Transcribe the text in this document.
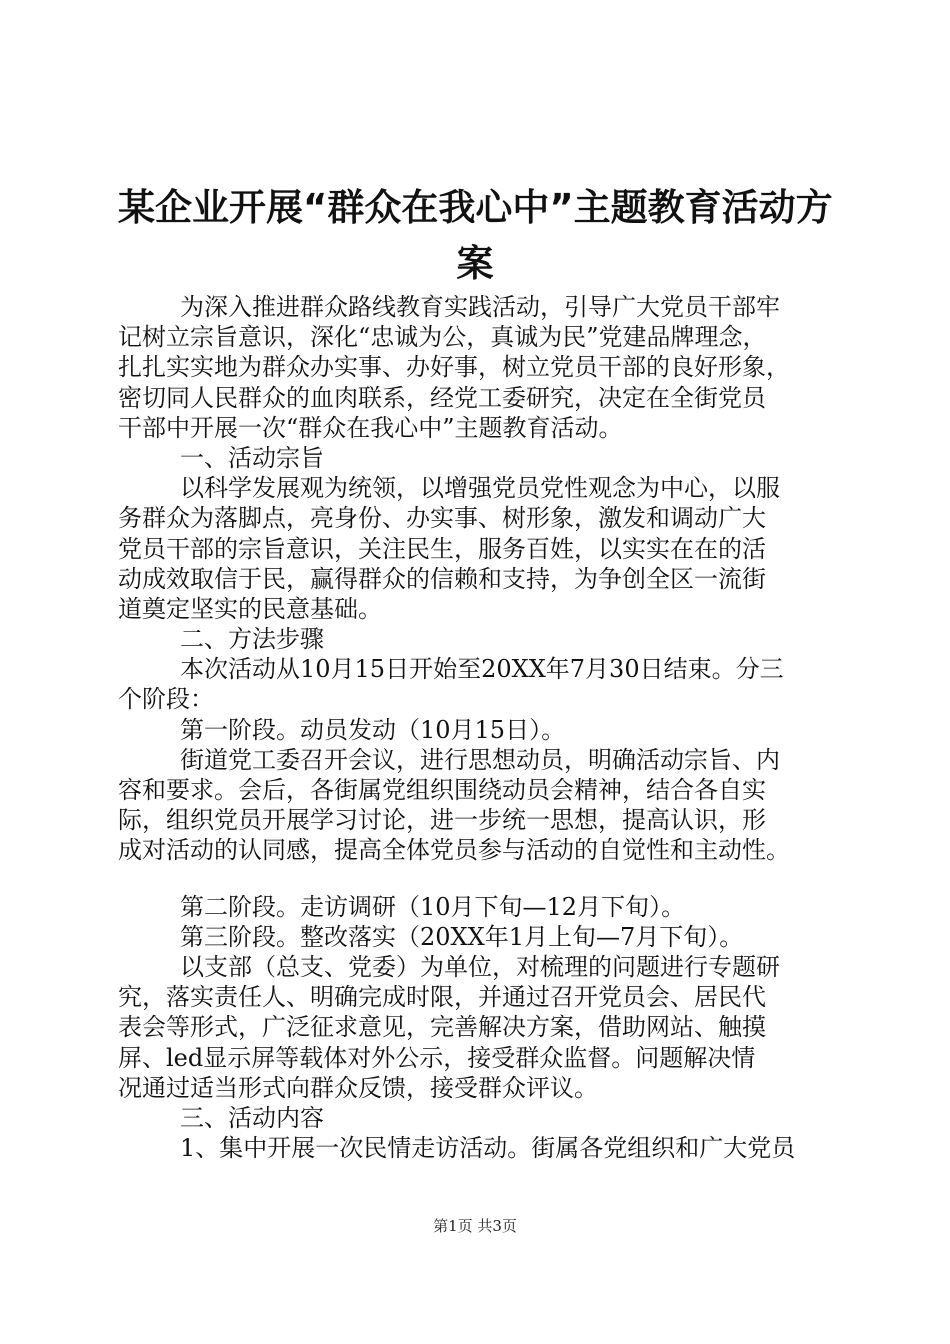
某企业开展“群众在我心中”主题教育活动方
案
为深入推进群众路线教育实践活动，引导广大党员干部牢
记树立宗旨意识，深化“忠诚为公，真诚为民”党建品牌理念，
扎扎实实地为群众办实事、办好事，树立党员干部的良好形象，
密切同人民群众的血肉联系，经党工委研究，决定在全街党员
干部中开展一次“群众在我心中”主题教育活动。
一、活动宗旨
以科学发展观为统领，以增强党员党性观念为中心，以服
务群众为落脚点，亮身份、办实事、树形象，激发和调动广大
党员干部的宗旨意识，关注民生，服务百姓，以实实在在的活
动成效取信于民，赢得群众的信赖和支持，为争创全区一流街
道奠定坚实的民意基础。
二、方法步骤
本次活动从10月15日开始至20XX年7月30日结束。分三
个阶段：
第一阶段。动员发动（10月15日）。
街道党工委召开会议，进行思想动员，明确活动宗旨、内
容和要求。会后，各街属党组织围绕动员会精神，结合各自实
际，组织党员开展学习讨论，进一步统一思想，提高认识，形
成对活动的认同感，提高全体党员参与活动的自觉性和主动性。
第二阶段。走访调研（10月下旬—12月下旬）。
第三阶段。整改落实（20XX年1月上旬—7月下旬）。
以支部（总支、党委）为单位，对梳理的问题进行专题研
究，落实责任人、明确完成时限，并通过召开党员会、居民代
表会等形式，广泛征求意见，完善解决方案，借助网站、触摸
屏、led显示屏等载体对外公示，接受群众监督。问题解决情
况通过适当形式向群众反馈，接受群众评议。
三、活动内容
1、集中开展一次民情走访活动。街属各党组织和广大党员
第1页 共3页
